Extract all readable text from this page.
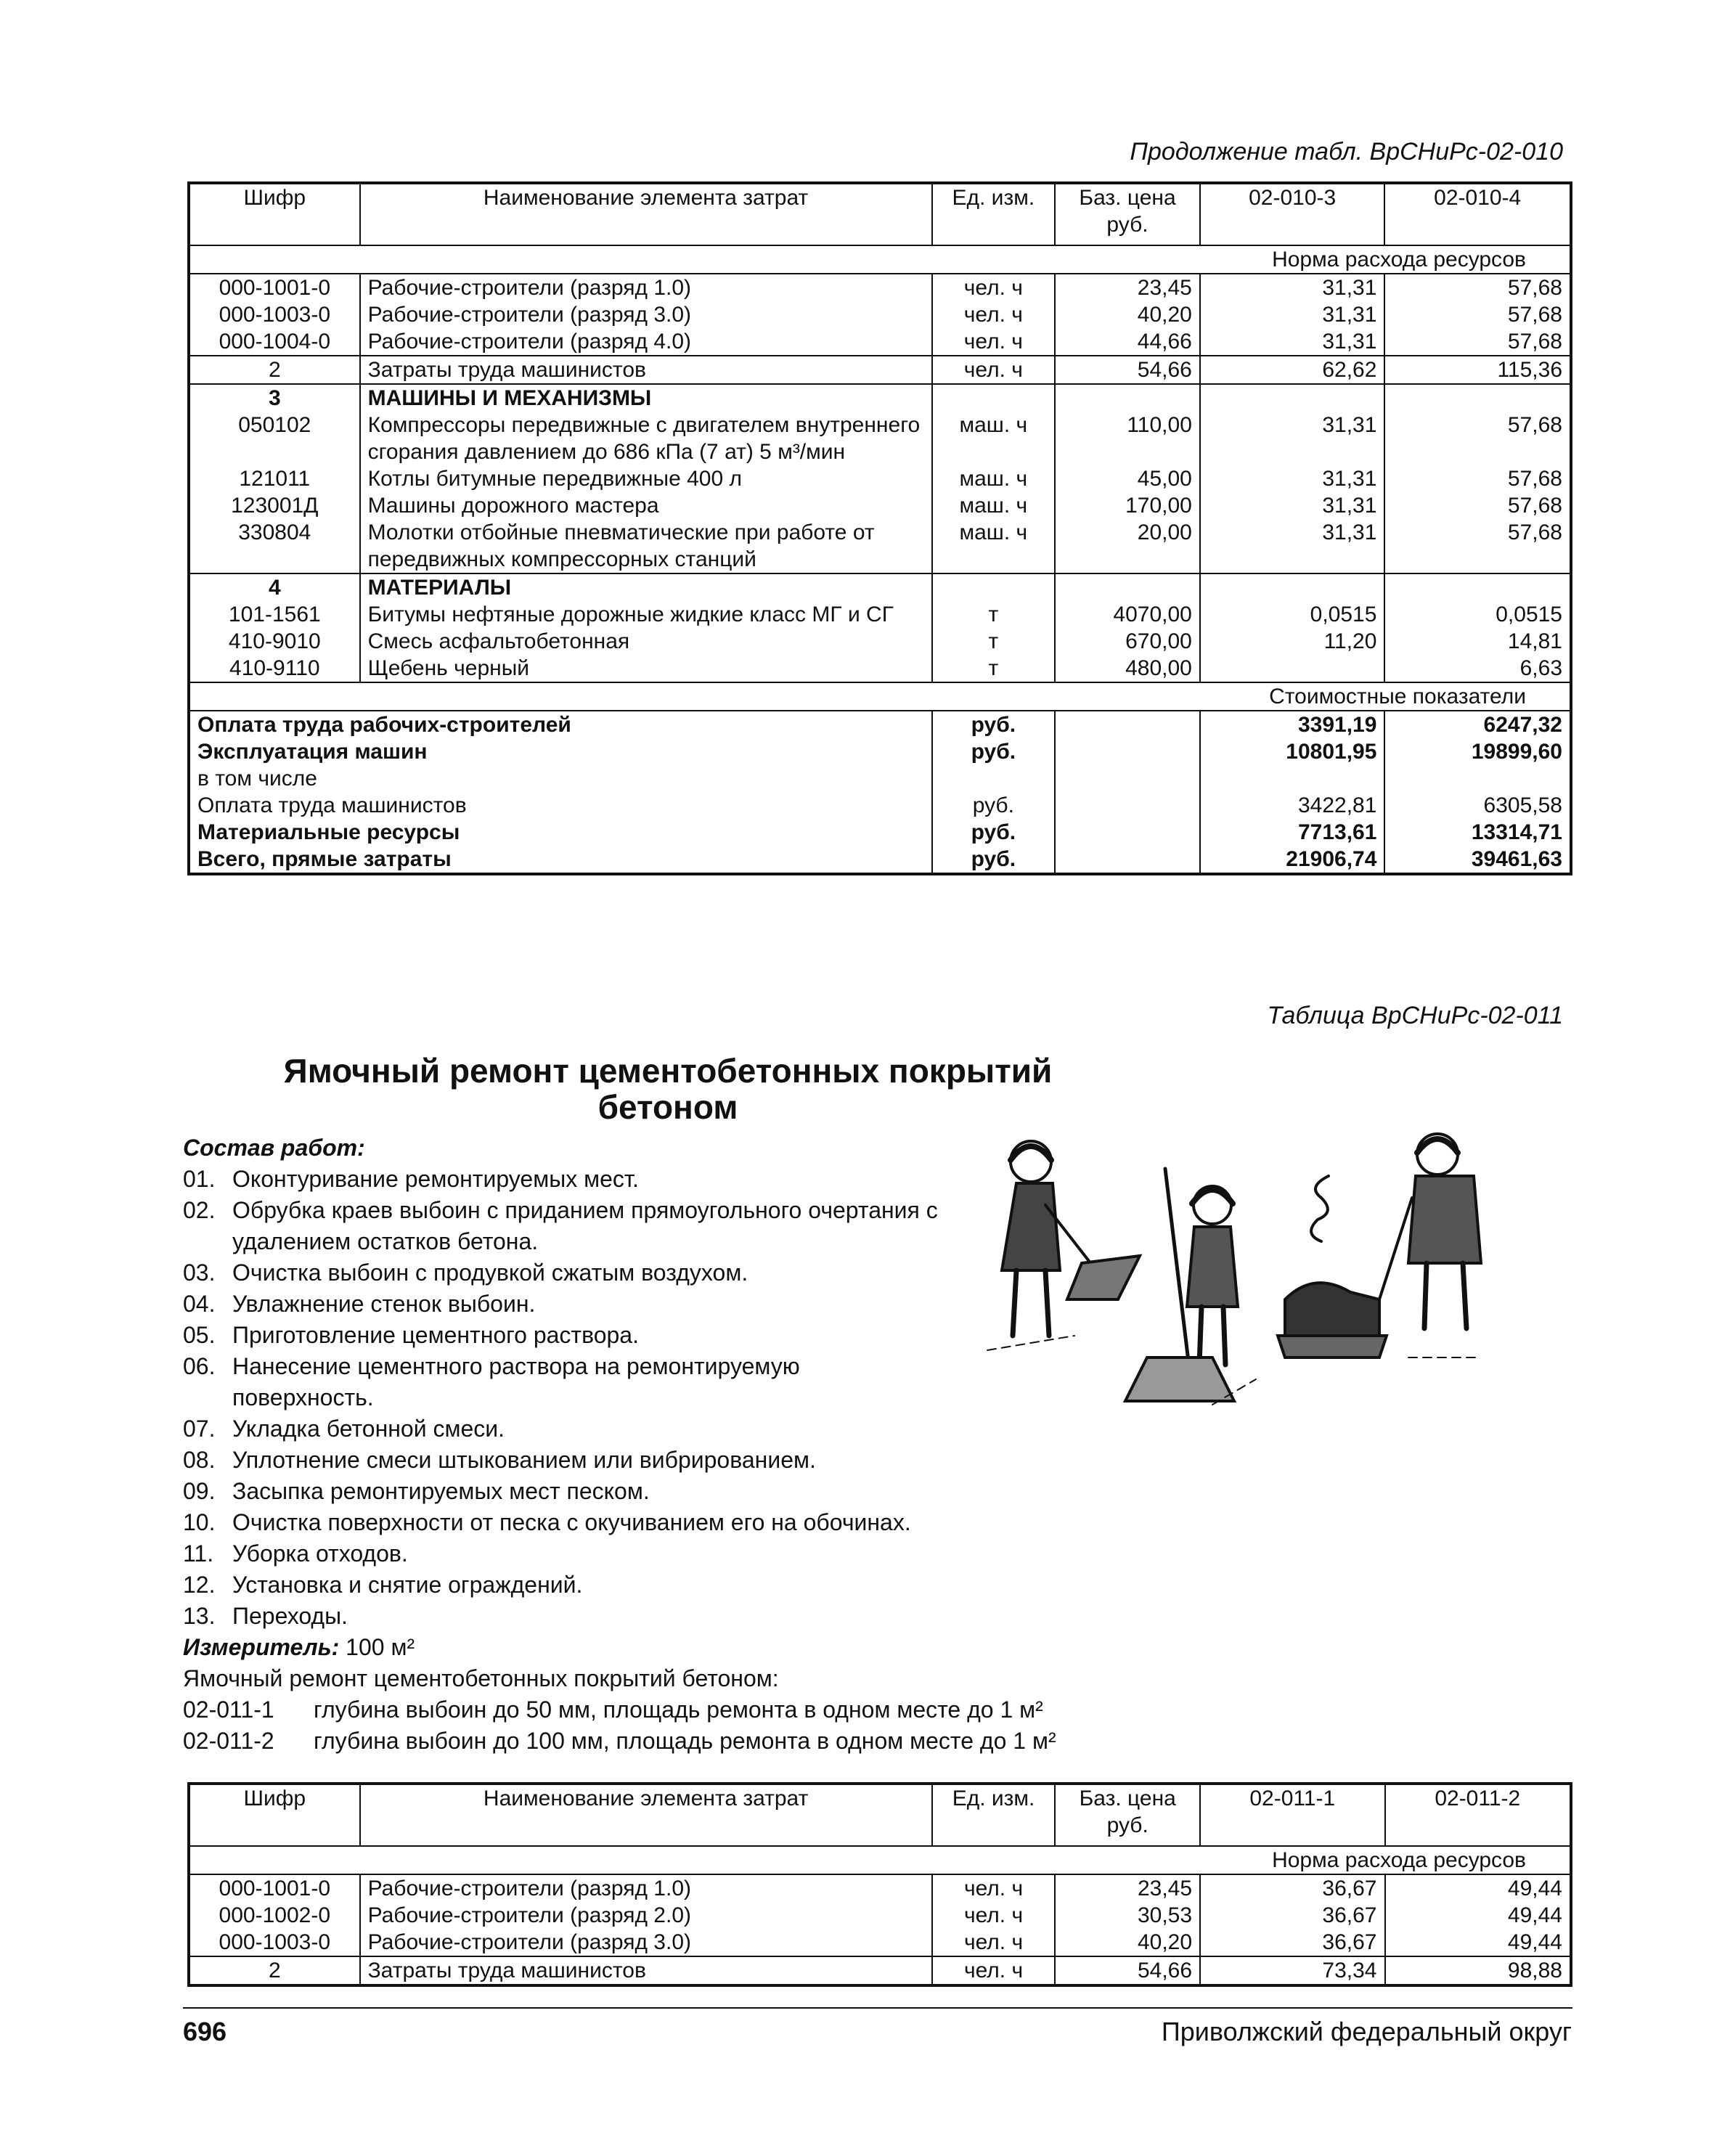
Продолжение табл. ВрСНиРс-02-010
Шифр	Наименование элемента затрат	Ед. изм.	Баз. цена руб.	02-010-3	02-010-4
Норма расхода ресурсов					
000-1001-0	Рабочие-строители (разряд 1.0)	чел. ч	23,45	31,31	57,68
000-1003-0	Рабочие-строители (разряд 3.0)	чел. ч	40,20	31,31	57,68
000-1004-0	Рабочие-строители (разряд 4.0)	чел. ч	44,66	31,31	57,68
2	Затраты труда машинистов	чел. ч	54,66	62,62	115,36
3	МАШИНЫ И МЕХАНИЗМЫ				
050102	Компрессоры передвижные с двигателем внутреннего сгорания давлением до 686 кПа (7 ат) 5 м³/мин	маш. ч	110,00	31,31	57,68
121011	Котлы битумные передвижные 400 л	маш. ч	45,00	31,31	57,68
123001Д	Машины дорожного мастера	маш. ч	170,00	31,31	57,68
330804	Молотки отбойные пневматические при работе от передвижных компрессорных станций	маш. ч	20,00	31,31	57,68
4	МАТЕРИАЛЫ				
101-1561	Битумы нефтяные дорожные жидкие класс МГ и СГ	т	4070,00	0,0515	0,0515
410-9010	Смесь асфальтобетонная	т	670,00	11,20	14,81
410-9110	Щебень черный	т	480,00		6,63
Стоимостные показатели					
Оплата труда рабочих-строителей		руб.		3391,19	6247,32
Эксплуатация машин		руб.		10801,95	19899,60
в том числе					
Оплата труда машинистов		руб.		3422,81	6305,58
Материальные ресурсы		руб.		7713,61	13314,71
Всего, прямые затраты		руб.		21906,74	39461,63
Таблица ВрСНиРс-02-011
Ямочный ремонт цементобетонных покрытий
бетоном
Состав работ:
01. Оконтуривание ремонтируемых мест.
02. Обрубка краев выбоин с приданием прямоугольного очертания с удалением остатков бетона.
03. Очистка выбоин с продувкой сжатым воздухом.
04. Увлажнение стенок выбоин.
05. Приготовление цементного раствора.
06. Нанесение цементного раствора на ремонтируемую поверхность.
07. Укладка бетонной смеси.
08. Уплотнение смеси штыкованием или вибрированием.
09. Засыпка ремонтируемых мест песком.
10. Очистка поверхности от песка с окучиванием его на обочинах.
11. Уборка отходов.
12. Установка и снятие ограждений.
13. Переходы.
Измеритель: 100 м²
Ямочный ремонт цементобетонных покрытий бетоном:
02-011-1	глубина выбоин до 50 мм, площадь ремонта в одном месте до 1 м²
02-011-2	глубина выбоин до 100 мм, площадь ремонта в одном месте до 1 м²
Шифр	Наименование элемента затрат	Ед. изм.	Баз. цена руб.	02-011-1	02-011-2
Норма расхода ресурсов					
000-1001-0	Рабочие-строители (разряд 1.0)	чел. ч	23,45	36,67	49,44
000-1002-0	Рабочие-строители (разряд 2.0)	чел. ч	30,53	36,67	49,44
000-1003-0	Рабочие-строители (разряд 3.0)	чел. ч	40,20	36,67	49,44
2	Затраты труда машинистов	чел. ч	54,66	73,34	98,88
696	Приволжский федеральный округ
